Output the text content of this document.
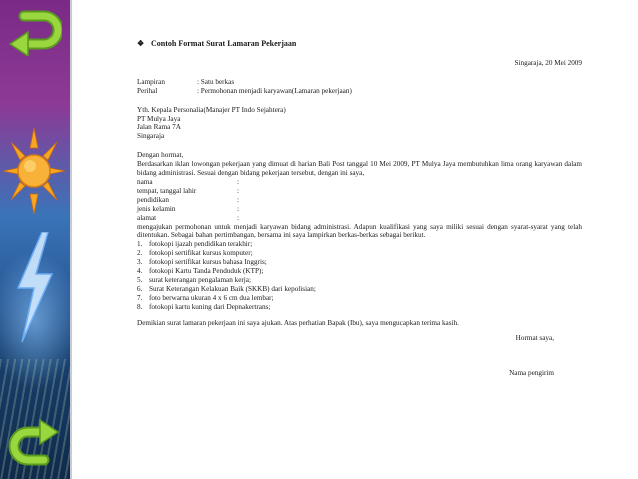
❖ Contoh Format Surat Lamaran Pekerjaan
Singaraja, 20 Mei 2009
Lampiran	: Satu berkas
Perihal	: Permohonan menjadi karyawan(Lamaran pekerjaan)
Yth. Kepala Personalia(Manajer PT Indo Sejahtera)
PT Mulya Jaya
Jalan Rama 7A
Singaraja
Dengan hormat,
Berdasarkan iklan lowongan pekerjaan yang dimuat di harian Bali Post tanggal 10 Mei 2009, PT Mulya Jaya membutuhkan lima orang karyawan dalam bidang administrasi. Sesuai dengan bidang pekerjaan tersebut, dengan ini saya,
nama	:
tempat, tanggal lahir	:
pendidikan	:
jenis kelamin	:
alamat	:
mengajukan permohonan untuk menjadi karyawan bidang administrasi. Adapun kualifikasi yang saya miliki sesuai dengan syarat-syarat yang telah ditentukan. Sebagai bahan pertimbangan, bersama ini saya lampirkan berkas-berkas sebagai berikut.
1. fotokopi ijazah pendidikan terakhir;
2. fotokopi sertifikat kursus komputer;
3. fotokopi sertifikat kursus bahasa Inggris;
4. fotokopi Kartu Tanda Penduduk (KTP);
5. surat keterangan pengalaman kerja;
6. Surat Keterangan Kelakuan Baik (SKKB) dari kepolisian;
7. foto berwarna ukuran 4 x 6 cm dua lembar;
8. fotokopi kartu kuning dari Depnakertrans;
Demikian surat lamaran pekerjaan ini saya ajukan. Atas perhatian Bapak (Ibu), saya mengucapkan terima kasih.
Hormat saya,
Nama pengirim
